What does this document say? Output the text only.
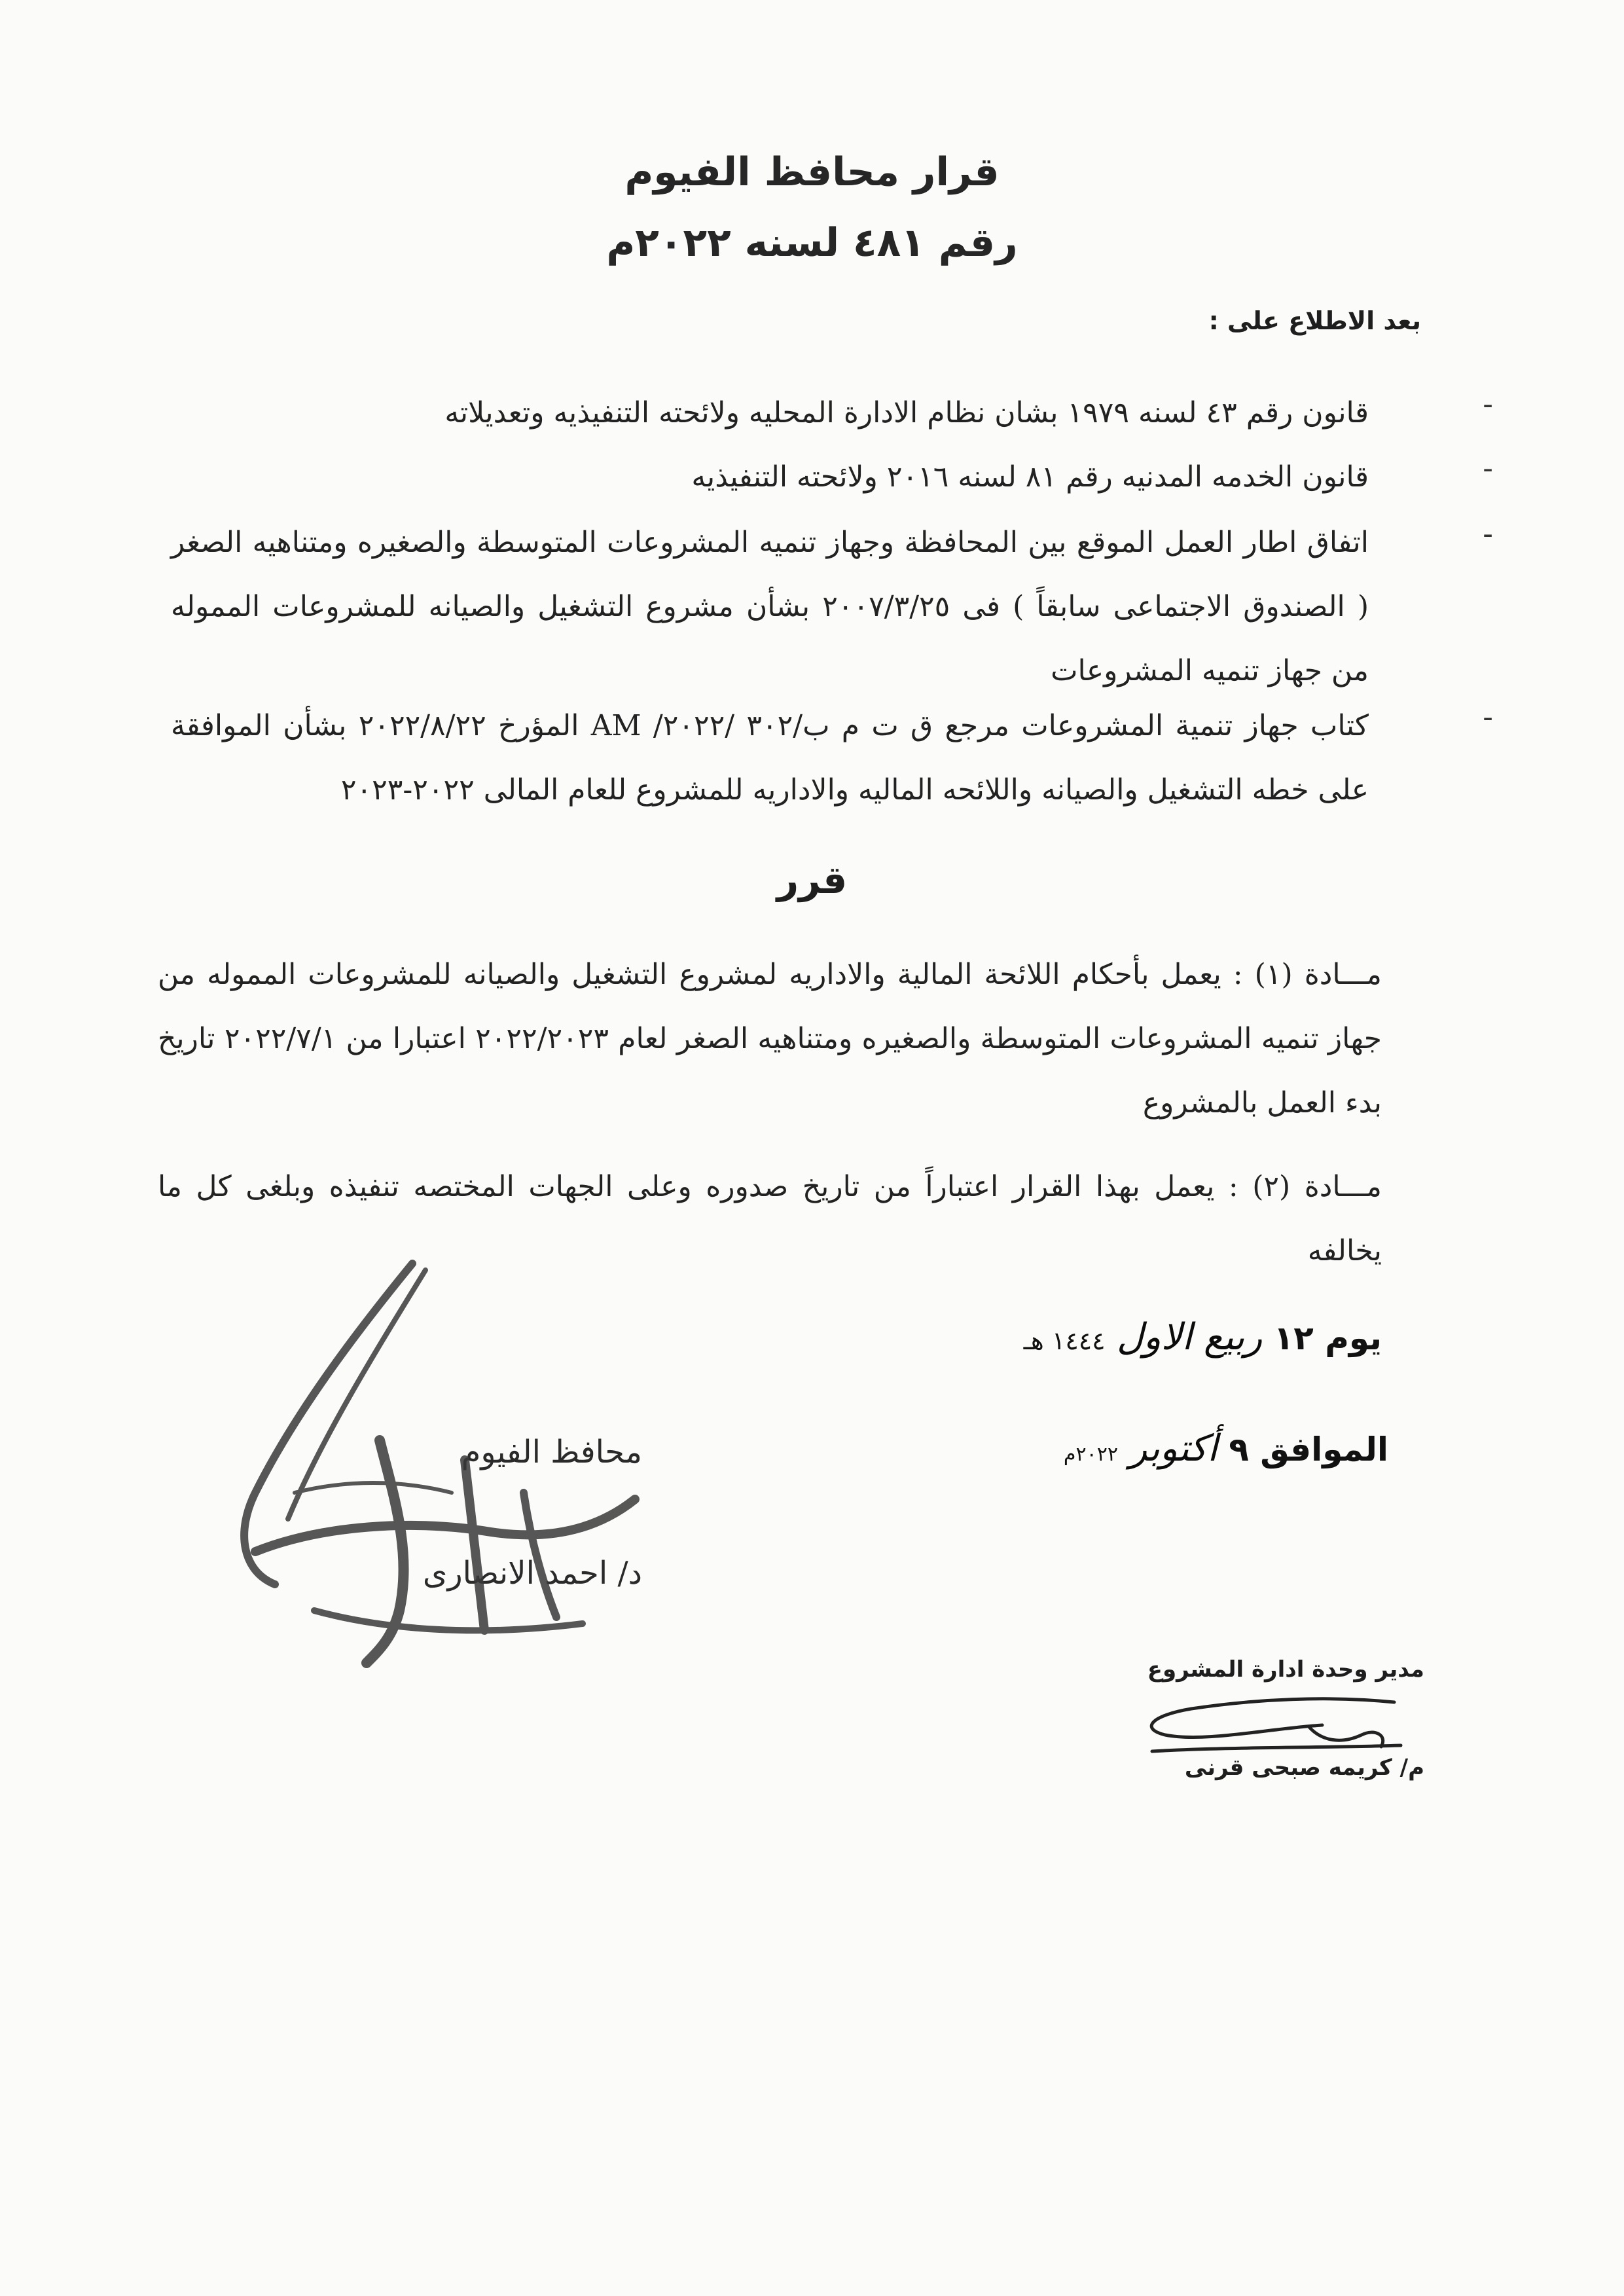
قرار محافظ الفيوم
رقم ٤٨١ لسنه ٢٠٢٢م
بعد الاطلاع على :
-
قانون رقم ٤٣ لسنه ١٩٧٩ بشان نظام الادارة المحليه ولائحته التنفيذيه وتعديلاته
-
قانون الخدمه المدنيه رقم ٨١ لسنه ٢٠١٦ ولائحته التنفيذيه
-
اتفاق اطار العمل الموقع بين المحافظة وجهاز تنميه المشروعات المتوسطة والصغيره ومتناهيه الصغر ( الصندوق الاجتماعى سابقاً ) فى ٢٠٠٧/٣/٢٥ بشأن مشروع التشغيل والصيانه للمشروعات المموله من جهاز تنميه المشروعات
-
كتاب جهاز تنمية المشروعات مرجع ق ت م ب/٣٠٢ /٢٠٢٢/ AM المؤرخ ٢٠٢٢/٨/٢٢ بشأن الموافقة على خطه التشغيل والصيانه واللائحه الماليه والاداريه للمشروع للعام المالى ٢٠٢٢-٢٠٢٣
قرر
مـــادة (١) : يعمل بأحكام اللائحة المالية والاداريه لمشروع التشغيل والصيانه للمشروعات المموله من جهاز تنميه المشروعات المتوسطة والصغيره ومتناهيه الصغر لعام ٢٠٢٢/٢٠٢٣ اعتبارا من ٢٠٢٢/٧/١ تاريخ بدء العمل بالمشروع
مـــادة (٢) : يعمل بهذا القرار اعتباراً من تاريخ صدوره وعلى الجهات المختصه تنفيذه وبلغى كل ما يخالفه
يوم ١٢ ربيع الاول ١٤٤٤ هـ
الموافق ٩ أكتوبر ٢٠٢٢م
محافظ الفيوم
د/ احمد الانصارى
مدير وحدة ادارة المشروع
م/ كريمه صبحى قرنى
